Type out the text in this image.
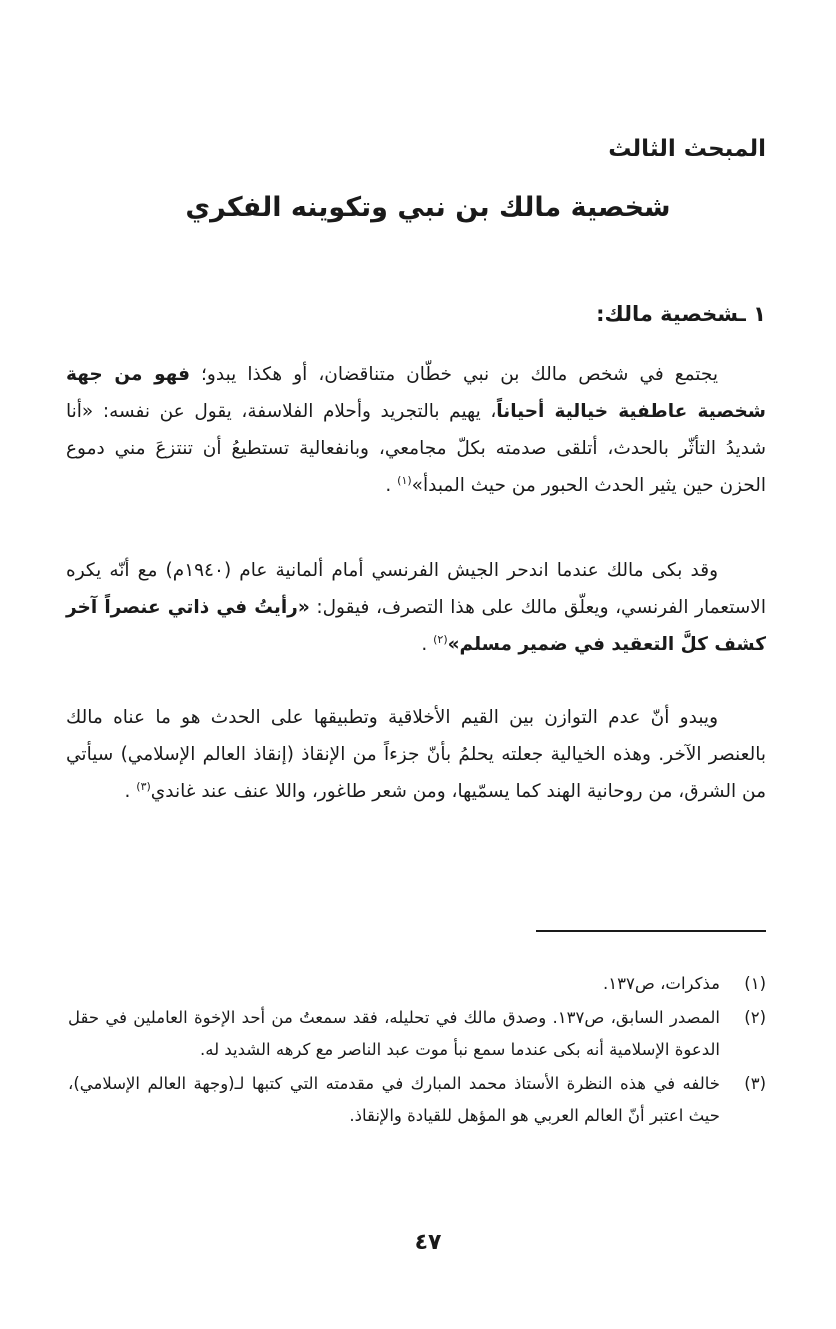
المبحث الثالث
شخصية مالك بن نبي وتكوينه الفكري
١ ـشخصية مالك:

يجتمع في شخص مالك بن نبي خطّان متناقضان، أو هكذا يبدو؛ فهو من جهة شخصية عاطفية خيالية أحياناً، يهيم بالتجريد وأحلام الفلاسفة، يقول عن نفسه: «أنا شديدُ التأثّر بالحدث، أتلقى صدمته بكلّ مجامعي، وبانفعالية تستطيعُ أن تنتزعَ مني دموع الحزن حين يثير الحدث الحبور من حيث المبدأ»$^{(١)}$ .

وقد بكى مالك عندما اندحر الجيش الفرنسي أمام ألمانية عام (١٩٤٠م) مع أنّه يكره الاستعمار الفرنسي، ويعلّق مالك على هذا التصرف، فيقول: «رأيتُ في ذاتي عنصراً آخر كشف كلَّ التعقيد في ضمير مسلم»$^{(٢)}$ .

ويبدو أنّ عدم التوازن بين القيم الأخلاقية وتطبيقها على الحدث هو ما عناه مالك بالعنصر الآخر. وهذه الخيالية جعلته يحلمُ بأنّ جزءاً من الإنقاذ (إنقاذ العالم الإسلامي) سيأتي من الشرق، من روحانية الهند كما يسمّيها، ومن شعر طاغور، واللا عنف عند غاندي$^{(٣)}$ .

(١)
مذكرات، ص١٣٧.
(٢)
المصدر السابق، ص١٣٧. وصدق مالك في تحليله، فقد سمعتُ من أحد الإخوة العاملين في حقل الدعوة الإسلامية أنه بكى عندما سمع نبأ موت عبد الناصر مع كرهه الشديد له.
(٣)
خالفه في هذه النظرة الأستاذ محمد المبارك في مقدمته التي كتبها لـ(وجهة العالم الإسلامي)، حيث اعتبر أنّ العالم العربي هو المؤهل للقيادة والإنقاذ.
٤٧
